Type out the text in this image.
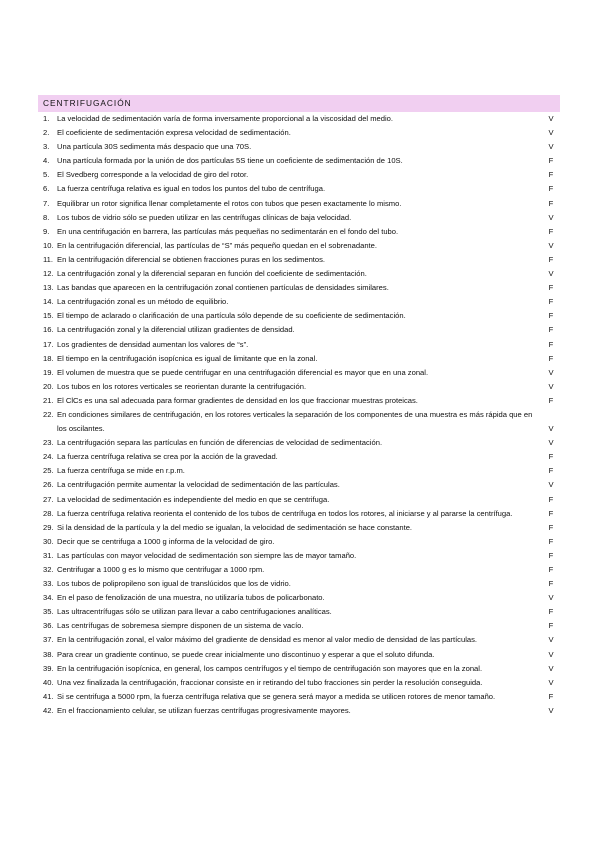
CENTRIFUGACIÓN
1.	La velocidad de sedimentación varía de forma inversamente proporcional a la viscosidad del medio.	V
2.	El coeficiente de sedimentación expresa velocidad de sedimentación.	V
3.	Una partícula 30S sedimenta más despacio que una 70S.	V
4.	Una partícula formada por la unión de dos partículas 5S tiene un coeficiente de sedimentación de 10S.	F
5.	El Svedberg corresponde a la velocidad de giro del rotor.	F
6.	La fuerza centrífuga relativa es igual en todos los puntos del tubo de centrífuga.	F
7.	Equilibrar un rotor significa llenar completamente el rotos con tubos que pesen exactamente lo mismo.	F
8.	Los tubos de vidrio sólo se pueden utilizar en las centrífugas clínicas de baja velocidad.	V
9.	En una centrifugación en barrera, las partículas más pequeñas no sedimentarán en el fondo del tubo.	F
10. En la centrifugación diferencial, las partículas de “S” más pequeño quedan en el sobrenadante.	V
11. En la centrifugación diferencial se obtienen fracciones puras en los sedimentos.	F
12. La centrifugación zonal y la diferencial separan en función del coeficiente de sedimentación.	V
13. Las bandas que aparecen en la centrifugación zonal contienen partículas de densidades similares.	F
14. La centrifugación zonal es un método de equilibrio.	F
15. El tiempo de aclarado o clarificación de una partícula sólo depende de su coeficiente de sedimentación.	F
16. La centrifugación zonal y la diferencial utilizan gradientes de densidad.	F
17. Los gradientes de densidad aumentan los valores de “s”.	F
18. El tiempo en la centrifugación isopícnica es igual de limitante que en la zonal.	F
19. El volumen de muestra que se puede centrifugar en una centrifugación diferencial es mayor que en una zonal.	V
20. Los tubos en los rotores verticales se reorientan durante la centrifugación.	V
21. El ClCs es una sal adecuada para formar gradientes de densidad en los que fraccionar muestras proteicas.	F
22. En condiciones similares de centrifugación, en los rotores verticales la separación de los componentes de una muestra es más rápida que en los oscilantes.	V
23. La centrifugación separa las partículas en función de diferencias de velocidad de sedimentación.	V
24. La fuerza centrífuga relativa se crea por la acción de la gravedad.	F
25. La fuerza centrífuga se mide en r.p.m.	F
26. La centrifugación permite aumentar la velocidad de sedimentación de las partículas.	V
27. La velocidad de sedimentación es independiente del medio en que se centrifuga.	F
28. La fuerza centrífuga relativa reorienta el contenido de los tubos de centrífuga en todos los rotores, al iniciarse y al pararse la centrífuga.	F
29. Si la densidad de la partícula y la del medio se igualan, la velocidad de sedimentación se hace constante.	F
30. Decir que se centrifuga a 1000 g informa de la velocidad de giro.	F
31. Las partículas con mayor velocidad de sedimentación son siempre las de mayor tamaño.	F
32. Centrifugar a 1000 g es lo mismo que centrifugar a 1000 rpm.	F
33. Los tubos de polipropileno son igual de translúcidos que los de vidrio.	F
34. En el paso de fenolización de una muestra, no utilizaría tubos de policarbonato.	V
35. Las ultracentrífugas sólo se utilizan para llevar a cabo centrifugaciones analíticas.	F
36. Las centrífugas de sobremesa siempre disponen de un sistema de vacío.	F
37. En la centrifugación zonal, el valor máximo del gradiente de densidad es menor al valor medio de densidad de las partículas.	V
38. Para crear un gradiente continuo, se puede crear inicialmente uno discontinuo y esperar a que el soluto difunda.	V
39. En la centrifugación isopícnica, en general, los campos centrífugos y el tiempo de centrifugación son mayores que en la zonal.	V
40. Una vez finalizada la centrifugación, fraccionar consiste en ir retirando del tubo fracciones sin perder la resolución conseguida.	V
41. Si se centrifuga a 5000 rpm, la fuerza centrífuga relativa que se genera será mayor a medida se utilicen rotores de menor tamaño.	F
42. En el fraccionamiento celular, se utilizan fuerzas centrífugas progresivamente mayores.	V
